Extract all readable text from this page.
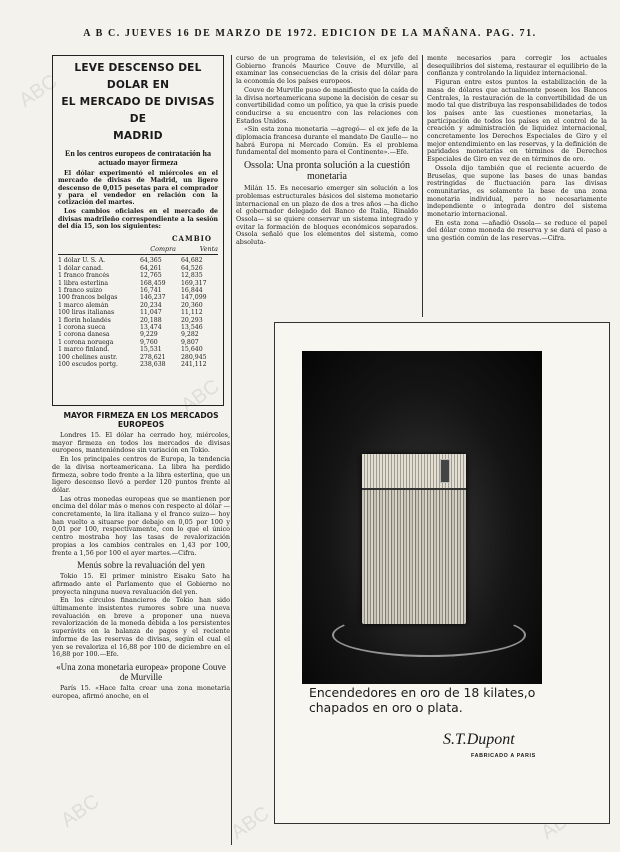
A B C. JUEVES 16 DE MARZO DE 1972. EDICION DE LA MAÑANA. PAG. 71.
ABC
ABC
ABC	ABC
LEVE DESCENSO DEL DOLAR EN
EL MERCADO DE DIVISAS DE
MADRID
En los centros europeos de contratación ha actuado mayor firmeza

El dólar experimentó el miércoles en el mercado de divisas de Madrid, un ligero descenso de 0,015 pesetas para el comprador y para el vendedor en relación con la cotización del martes.

Los cambios oficiales en el mercado de divisas madrileño correspondiente a la sesión del día 15, son los siguientes:

CAMBIO
Compra	Venta
1 dólar U. S. A.	64,365	64,682
1 dólar canad.	64,261	64,526
1 franco francés	12,765	12,835
1 libra esterlina	168,459	169,317
1 franco suizo	16,741	16,844
100 francos belgas	146,237	147,099
1 marco alemán	20,234	20,360
100 liras italianas	11,047	11,112
1 florín holandés	20,188	20,293
1 corona sueca	13,474	13,546
1 corona danesa	9,229	9,282
1 corona noruega	9,760	9,807
1 marco finland.	15,531	15,640
100 chelines austr.	278,621	280,945
100 escudos portg.	238,638	241,112
MAYOR FIRMEZA EN LOS MERCADOS EUROPEOS

Londres 15. El dólar ha cerrado hoy, miércoles, mayor firmeza en todos los mercados de divisas europeos, manteniéndose sin variación en Tokio.

En los principales centros de Europa, la tendencia de la divisa norteamericana. La libra ha perdido firmeza, sobre todo frente a la libra esterlina, que un ligero descenso llevó a perder 120 puntos frente al dólar.

Las otras monedas europeas que se mantienen por encima del dólar más o menos con respecto al dólar —concretamente, la lira italiana y el franco suizo— hoy han vuelto a situarse por debajo en 0,05 por 100 y 0,01 por 100, respectivamente, con lo que el único centro mostraba hoy las tasas de revalorización propias a los cambios centrales en 1,43 por 100, frente a 1,56 por 100 el ayer martes.—Cifra.

Menús sobre la revaluación del yen

Tokio 15. El primer ministro Eisaku Sato ha afirmado ante el Parlamento que el Gobierno no proyecta ninguna nueva revaluación del yen.

En los círculos financieros de Tokio han sido últimamente insistentes rumores sobre una nueva revaluación en breve a proponer una nueva revalorización de la moneda debida a los persistentes superávits en la balanza de pagos y el reciente informe de las reservas de divisas, según el cual el yen se revaloriza el 16,88 por 100 de diciembre en el 16,88 por 100.—Efe.

«Una zona monetaria europea» propone Couve de Murville

París 15. «Hace falta crear una zona monetaria europea, afirmó anoche, en el

curso de un programa de televisión, el ex jefe del Gobierno francés Maurice Couve de Murville, al examinar las consecuencias de la crisis del dólar para la economía de los países europeos.

Couve de Murville puso de manifiesto que la caída de la divisa norteamericana supone la decisión de cesar su convertibilidad como un político, ya que la crisis puede conducirse a su encuentro con las relaciones con Estados Unidos.

«Sin esta zona monetaria —agregó— el ex jefe de la diplomacia francesa durante el mandato De Gaulle— no habrá Europa ni Mercado Común. Es el problema fundamental del momento para el Continente».—Efe.

Ossola: Una pronta solución a la cuestión monetaria

Milán 15. Es necesario emerger sin solución a los problemas estructurales básicos del sistema monetario internacional en un plazo de dos a tres años —ha dicho el gobernador delegado del Banco de Italia, Rinaldo Ossola— si se quiere conservar un sistema integrado y evitar la formación de bloques económicos separados. Ossola señaló que los elementos del sistema, como absoluta-

mente necesarios para corregir los actuales desequilibrios del sistema, restaurar el equilibrio de la confianza y controlando la liquidez internacional.

Figuran entre estos puntos la estabilización de la masa de dólares que actualmente poseen los Bancos Centrales, la restauración de la convertibilidad de un modo tal que distribuya las responsabilidades de todos los países ante las cuestiones monetarias, la participación de todos los países en el control de la creación y administración de liquidez internacional, concretamente los Derechos Especiales de Giro y el mejor entendimiento en las reservas, y la definición de paridades monetarias en términos de Derechos Especiales de Giro en vez de en términos de oro.

Ossola dijo también que el reciente acuerdo de Bruselas, que supone las bases de unas bandas restringidas de fluctuación para las divisas comunitarias, es solamente la base de una zona monetaria individual, pero no necesariamente independiente o integrada dentro del sistema monetario internacional.

En esta zona —añadió Ossola— se reduce el papel del dólar como moneda de reserva y se dará el paso a una gestión común de las reservas.—Cifra.

Encendedores en oro de 18 kilates,o
chapados en oro o plata.
S.T.Dupont
FABRICADO A PARIS
